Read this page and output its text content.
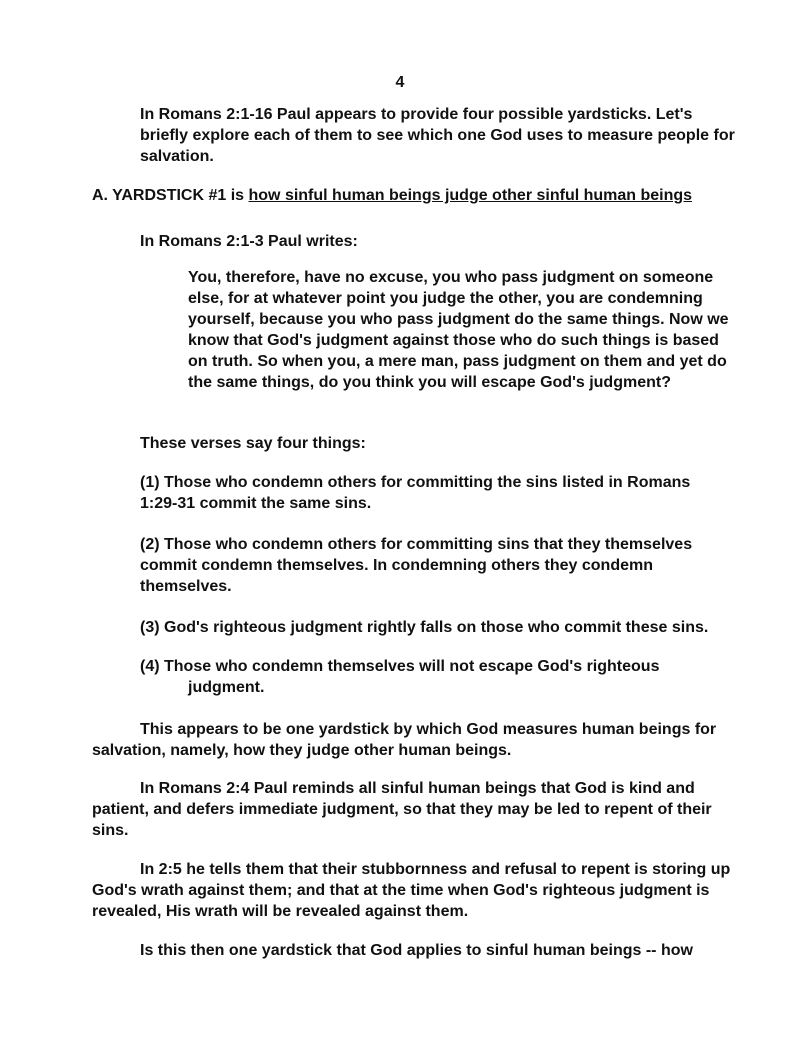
4

In Romans 2:1-16 Paul appears to provide four possible yardsticks. Let's briefly explore each of them to see which one God uses to measure people for salvation.

A. YARDSTICK #1 is how sinful human beings judge other sinful human beings

In Romans 2:1-3 Paul writes:

You, therefore, have no excuse, you who pass judgment on someone else, for at whatever point you judge the other, you are condemning yourself, because you who pass judgment do the same things. Now we know that God's judgment against those who do such things is based on truth. So when you, a mere man, pass judgment on them and yet do the same things, do you think you will escape God's judgment?

These verses say four things:

(1) Those who condemn others for committing the sins listed in Romans 1:29-31 commit the same sins.

(2) Those who condemn others for committing sins that they themselves commit condemn themselves. In condemning others they condemn themselves.

(3) God's righteous judgment rightly falls on those who commit these sins.

(4) Those who condemn themselves will not escape God's righteous judgment.

This appears to be one yardstick by which God measures human beings for salvation, namely, how they judge other human beings.

In Romans 2:4 Paul reminds all sinful human beings that God is kind and patient, and defers immediate judgment, so that they may be led to repent of their sins.

In 2:5 he tells them that their stubbornness and refusal to repent is storing up God's wrath against them; and that at the time when God's righteous judgment is revealed, His wrath will be revealed against them.

Is this then one yardstick that God applies to sinful human beings -- how
